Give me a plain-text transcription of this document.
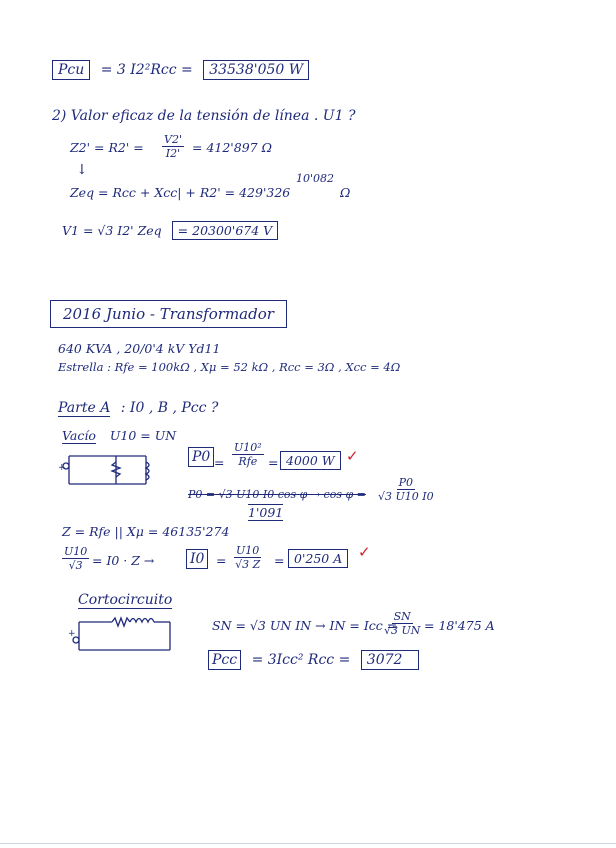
Pcu = 3 I2²Rcc = 33538'050 W
2) Valor eficaz de la tensión de línea . U1 ?
$Z2' = R2' = \frac{V2'}{I2'} = 412'897$ Ω
↓
10'082
Zeq = Rcc + Xcc| + R2' = 429'326	Ω
V1 = √3 I2' Zeq = 20300'674 V
2016 Junio - Transformador
640 KVA , 20/0'4 kV Yd11
Estrella : Rfe = 100kΩ , Xμ = 52 kΩ , Rcc = 3Ω , Xcc = 4Ω
Parte A : I0 , B , Pcc ?
Vacío U10 = UN
+
P0 =
U10²
Rfe = 4000 W ✓
P0 = √3 U10 I0 $\cos \varphi \to \cos \varphi = \frac{P0}{√3 U10 I0}$
1'091
Z = Rfe || Xμ = 46135'274
$\frac{U10}{√3} = I0 \cdot Z$ →	$I0 = \frac{U10}{√3 Z} = 0'250$ A	✓
Cortocircuito
+
SN = √3 UN IN → IN = Icc =
$\frac{SN}{√3 UN} = 18'475$ A
Pcc = 3Icc² Rcc = 3072
